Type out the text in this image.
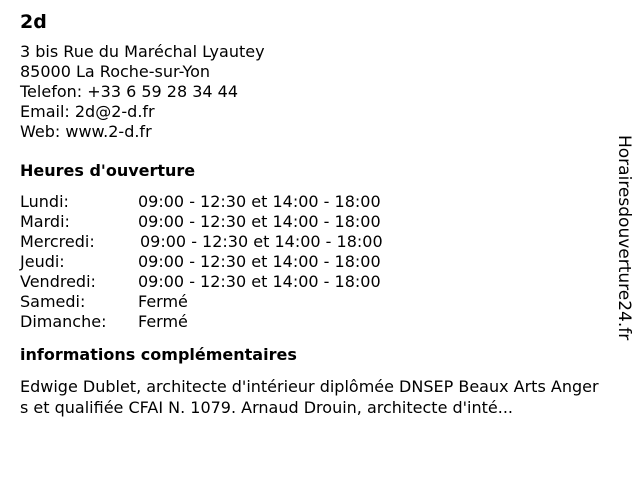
2d
3 bis Rue du Maréchal Lyautey
85000 La Roche-sur-Yon
Telefon: +33 6 59 28 34 44
Email: 2d@2-d.fr
Web: www.2-d.fr
Heures d'ouverture
Lundi:	09:00 - 12:30 et 14:00 - 18:00
Mardi:	09:00 - 12:30 et 14:00 - 18:00
Mercredi:	09:00 - 12:30 et 14:00 - 18:00
Jeudi:	09:00 - 12:30 et 14:00 - 18:00
Vendredi:	09:00 - 12:30 et 14:00 - 18:00
Samedi:	Fermé
Dimanche:	Fermé
informations complémentaires
Edwige Dublet, architecte d'intérieur diplômée DNSEP Beaux Arts Angers et qualifiée CFAI N. 1079. Arnaud Drouin, architecte d'inté...
Horairesdouverture24.fr
